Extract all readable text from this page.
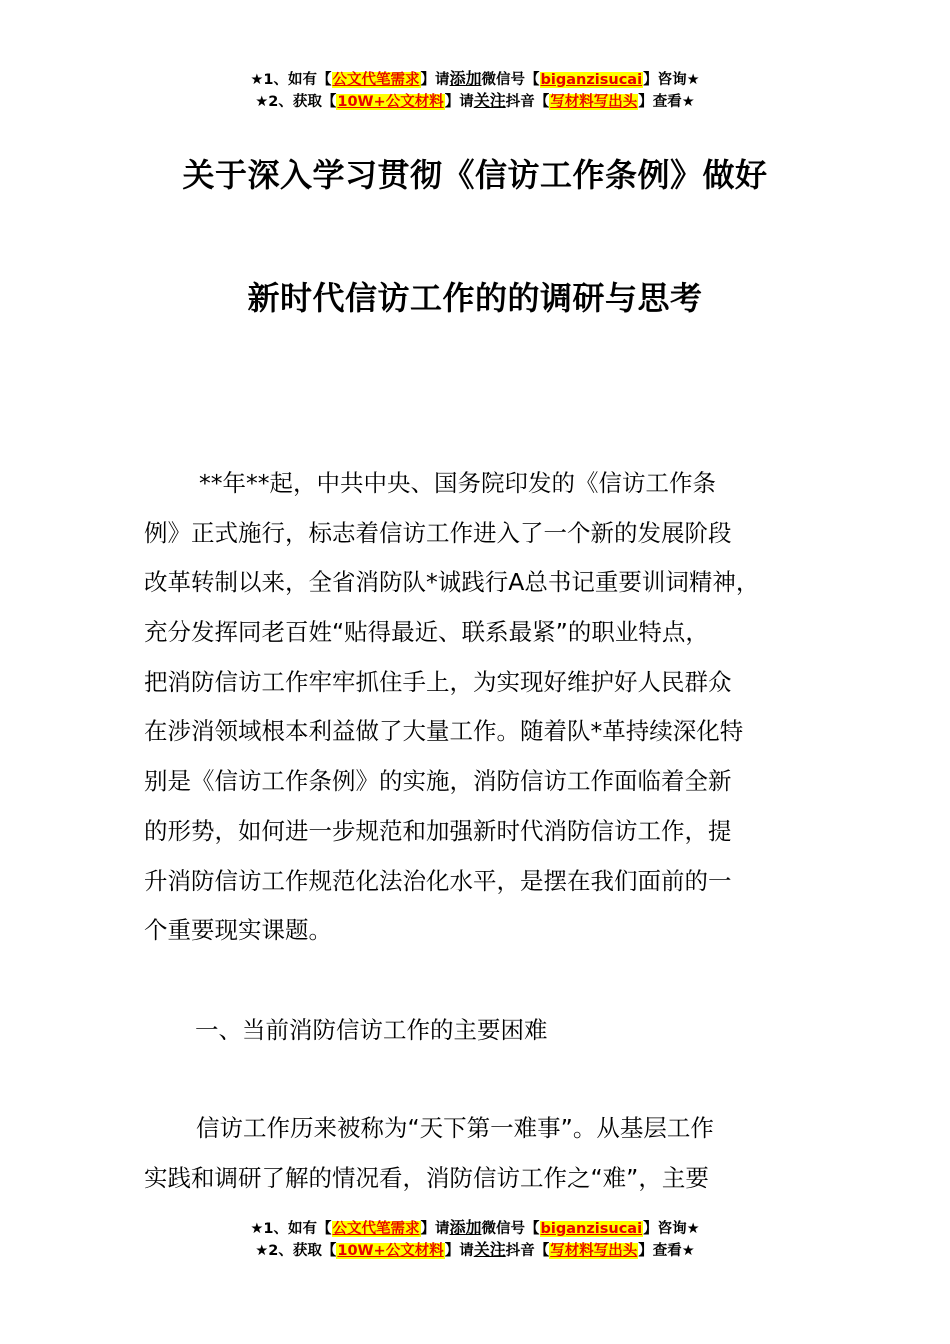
★1、如有【公文代笔需求】请添加微信号【biganzisucai】咨询★
★2、获取【10W+公文材料】请关注抖音【写材料写出头】查看★
关于深入学习贯彻《信访工作条例》做好
新时代信访工作的的调研与思考
**年**起，中共中央、国务院印发的《信访工作条
例》正式施行，标志着信访工作进入了一个新的发展阶段
改革转制以来，全省消防队*诚践行A总书记重要训词精神，
充分发挥同老百姓“贴得最近、联系最紧”的职业特点，
把消防信访工作牢牢抓住手上，为实现好维护好人民群众
在涉消领域根本利益做了大量工作。随着队*革持续深化特
别是《信访工作条例》的实施，消防信访工作面临着全新
的形势，如何进一步规范和加强新时代消防信访工作，提
升消防信访工作规范化法治化水平，是摆在我们面前的一
个重要现实课题。
一、当前消防信访工作的主要困难
信访工作历来被称为“天下第一难事”。从基层工作
实践和调研了解的情况看，消防信访工作之“难”，主要
★1、如有【公文代笔需求】请添加微信号【biganzisucai】咨询★
★2、获取【10W+公文材料】请关注抖音【写材料写出头】查看★
